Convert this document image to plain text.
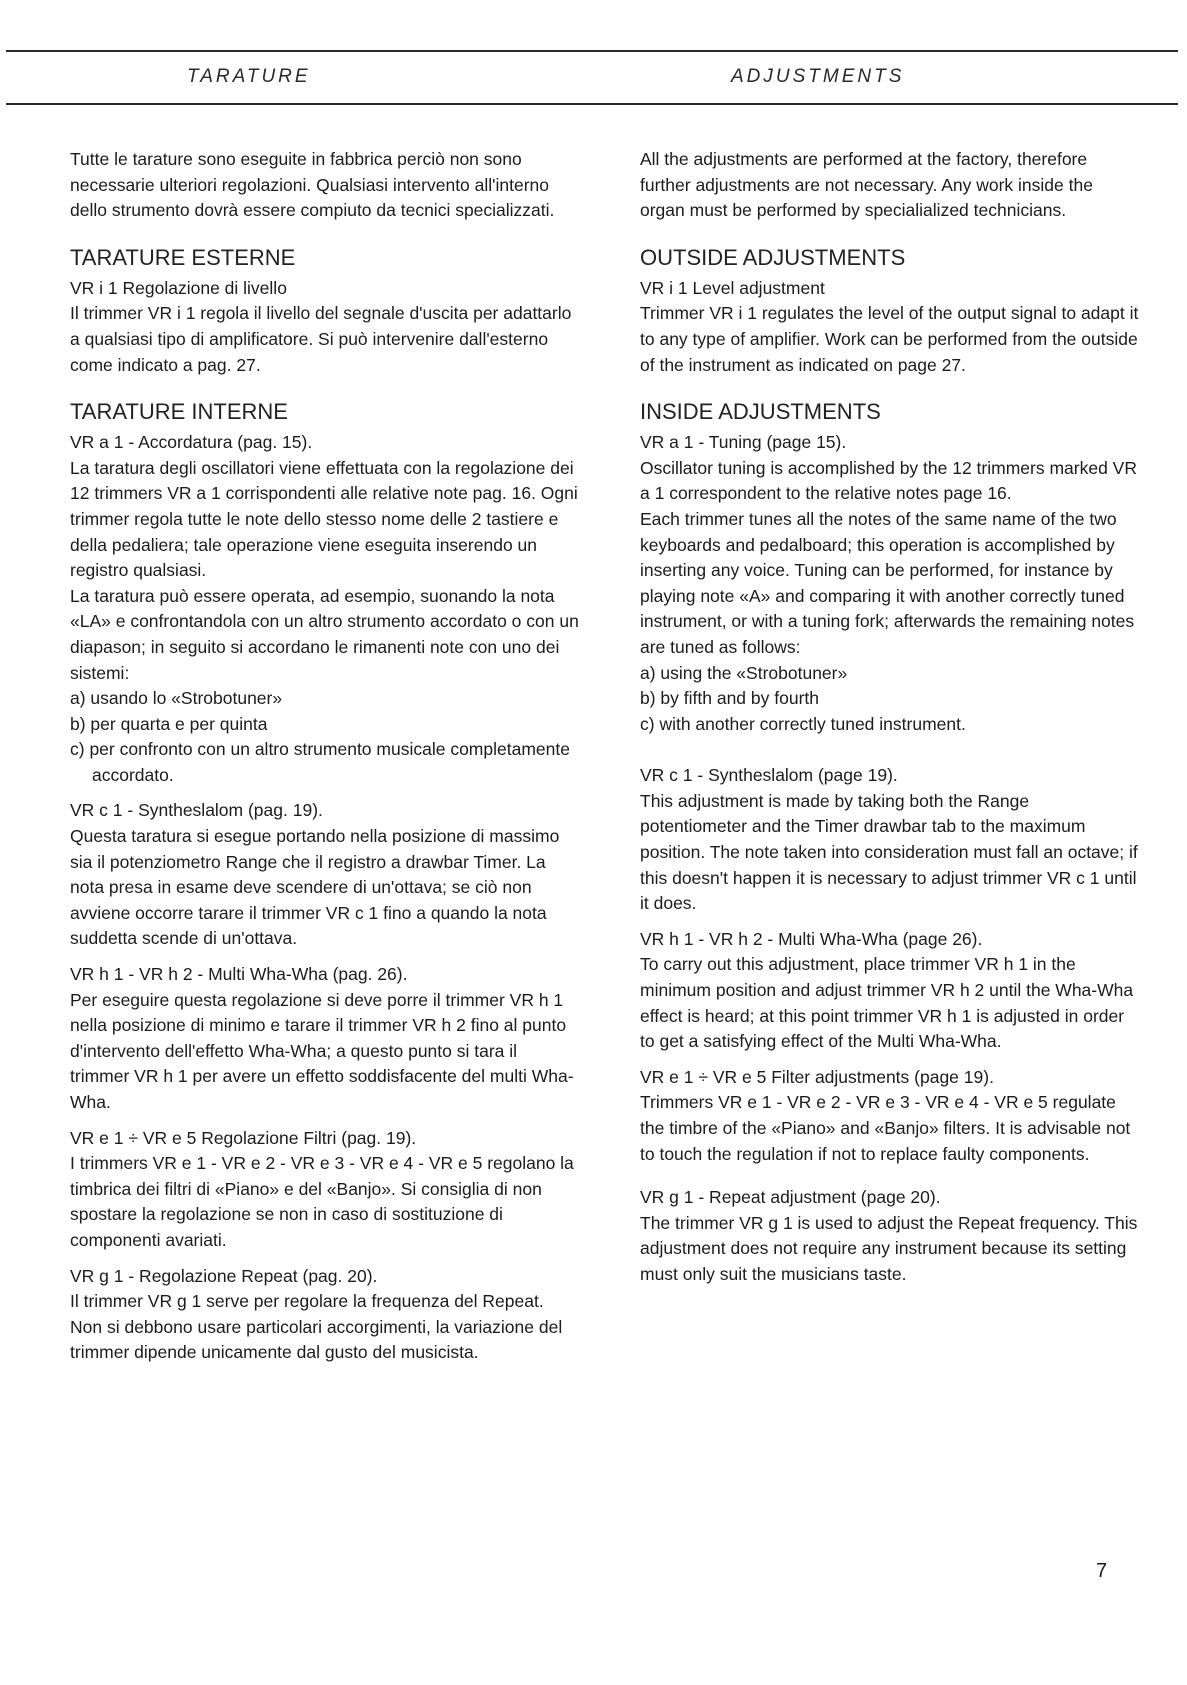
TARATURE	ADJUSTMENTS

Tutte le tarature sono eseguite in fabbrica perciò non sono necessarie ulteriori regolazioni. Qualsiasi intervento all'interno dello strumento dovrà essere compiuto da tecnici specializzati.

TARATURE ESTERNE

VR i 1 Regolazione di livello

Il trimmer VR i 1 regola il livello del segnale d'uscita per adattarlo a qualsiasi tipo di amplificatore. Si può intervenire dall'esterno come indicato a pag. 27.

TARATURE INTERNE

VR a 1 - Accordatura (pag. 15).

La taratura degli oscillatori viene effettuata con la regolazione dei 12 trimmers VR a 1 corrispondenti alle relative note pag. 16. Ogni trimmer regola tutte le note dello stesso nome delle 2 tastiere e della pedaliera; tale operazione viene eseguita inserendo un registro qualsiasi.

La taratura può essere operata, ad esempio, suonando la nota «LA» e confrontandola con un altro strumento accordato o con un diapason; in seguito si accordano le rimanenti note con uno dei sistemi:

a) usando lo «Strobotuner»
b) per quarta e per quinta
c) per confronto con un altro strumento musicale completamente accordato.

VR c 1 - Syntheslalom (pag. 19).

Questa taratura si esegue portando nella posizione di massimo sia il potenziometro Range che il registro a drawbar Timer. La nota presa in esame deve scendere di un'ottava; se ciò non avviene occorre tarare il trimmer VR c 1 fino a quando la nota suddetta scende di un'ottava.

VR h 1 - VR h 2 - Multi Wha-Wha (pag. 26).

Per eseguire questa regolazione si deve porre il trimmer VR h 1 nella posizione di minimo e tarare il trimmer VR h 2 fino al punto d'intervento dell'effetto Wha-Wha; a questo punto si tara il trimmer VR h 1 per avere un effetto soddisfacente del multi Wha-Wha.

VR e 1 ÷ VR e 5 Regolazione Filtri (pag. 19).

I trimmers VR e 1 - VR e 2 - VR e 3 - VR e 4 - VR e 5 regolano la timbrica dei filtri di «Piano» e del «Banjo». Si consiglia di non spostare la regolazione se non in caso di sostituzione di componenti avariati.

VR g 1 - Regolazione Repeat (pag. 20).

Il trimmer VR g 1 serve per regolare la frequenza del Repeat. Non si debbono usare particolari accorgimenti, la variazione del trimmer dipende unicamente dal gusto del musicista.

All the adjustments are performed at the factory, therefore further adjustments are not necessary. Any work inside the organ must be performed by specialialized technicians.

OUTSIDE ADJUSTMENTS

VR i 1 Level adjustment

Trimmer VR i 1 regulates the level of the output signal to adapt it to any type of amplifier. Work can be performed from the outside of the instrument as indicated on page 27.

INSIDE ADJUSTMENTS

VR a 1 - Tuning (page 15).

Oscillator tuning is accomplished by the 12 trimmers marked VR a 1 correspondent to the relative notes page 16.

Each trimmer tunes all the notes of the same name of the two keyboards and pedalboard; this operation is accomplished by inserting any voice. Tuning can be performed, for instance by playing note «A» and comparing it with another correctly tuned instrument, or with a tuning fork; afterwards the remaining notes are tuned as follows:

a) using the «Strobotuner»
b) by fifth and by fourth
c) with another correctly tuned instrument.

VR c 1 - Syntheslalom (page 19).

This adjustment is made by taking both the Range potentiometer and the Timer drawbar tab to the maximum position. The note taken into consideration must fall an octave; if this doesn't happen it is necessary to adjust trimmer VR c 1 until it does.

VR h 1 - VR h 2 - Multi Wha-Wha (page 26).

To carry out this adjustment, place trimmer VR h 1 in the minimum position and adjust trimmer VR h 2 until the Wha-Wha effect is heard; at this point trimmer VR h 1 is adjusted in order to get a satisfying effect of the Multi Wha-Wha.

VR e 1 ÷ VR e 5 Filter adjustments (page 19).

Trimmers VR e 1 - VR e 2 - VR e 3 - VR e 4 - VR e 5 regulate the timbre of the «Piano» and «Banjo» filters. It is advisable not to touch the regulation if not to replace faulty components.

VR g 1 - Repeat adjustment (page 20).

The trimmer VR g 1 is used to adjust the Repeat frequency. This adjustment does not require any instrument because its setting must only suit the musicians taste.

7
